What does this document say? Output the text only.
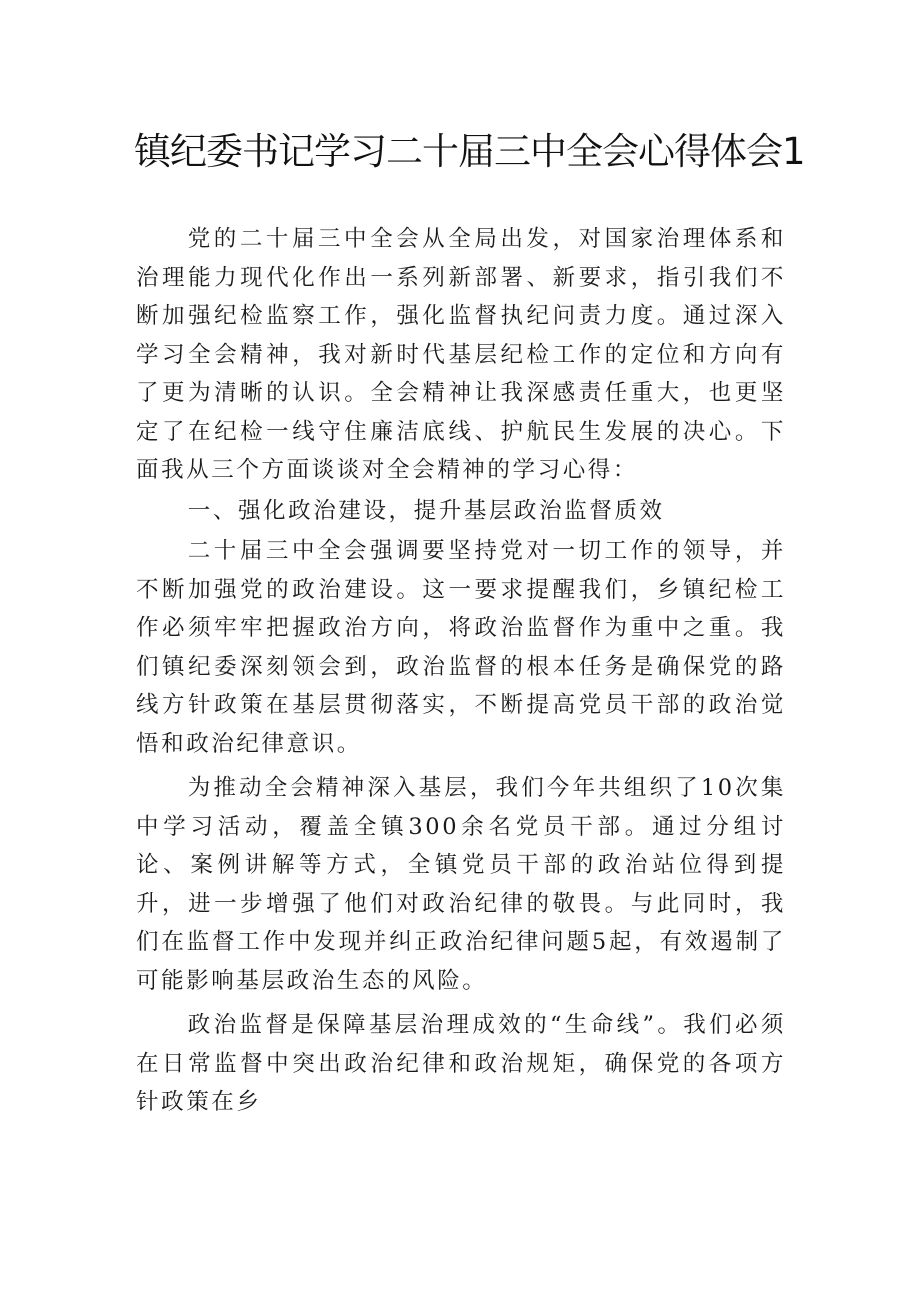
镇纪委书记学习二十届三中全会心得体会1

党的二十届三中全会从全局出发，对国家治理体系和治理能力现代化作出一系列新部署、新要求，指引我们不断加强纪检监察工作，强化监督执纪问责力度。通过深入学习全会精神，我对新时代基层纪检工作的定位和方向有了更为清晰的认识。全会精神让我深感责任重大，也更坚定了在纪检一线守住廉洁底线、护航民生发展的决心。下面我从三个方面谈谈对全会精神的学习心得：

一、强化政治建设，提升基层政治监督质效

二十届三中全会强调要坚持党对一切工作的领导，并不断加强党的政治建设。这一要求提醒我们，乡镇纪检工作必须牢牢把握政治方向，将政治监督作为重中之重。我们镇纪委深刻领会到，政治监督的根本任务是确保党的路线方针政策在基层贯彻落实，不断提高党员干部的政治觉悟和政治纪律意识。

为推动全会精神深入基层，我们今年共组织了10次集中学习活动，覆盖全镇300余名党员干部。通过分组讨论、案例讲解等方式，全镇党员干部的政治站位得到提升，进一步增强了他们对政治纪律的敬畏。与此同时，我们在监督工作中发现并纠正政治纪律问题5起，有效遏制了可能影响基层政治生态的风险。

政治监督是保障基层治理成效的“生命线”。我们必须在日常监督中突出政治纪律和政治规矩，确保党的各项方针政策在乡
